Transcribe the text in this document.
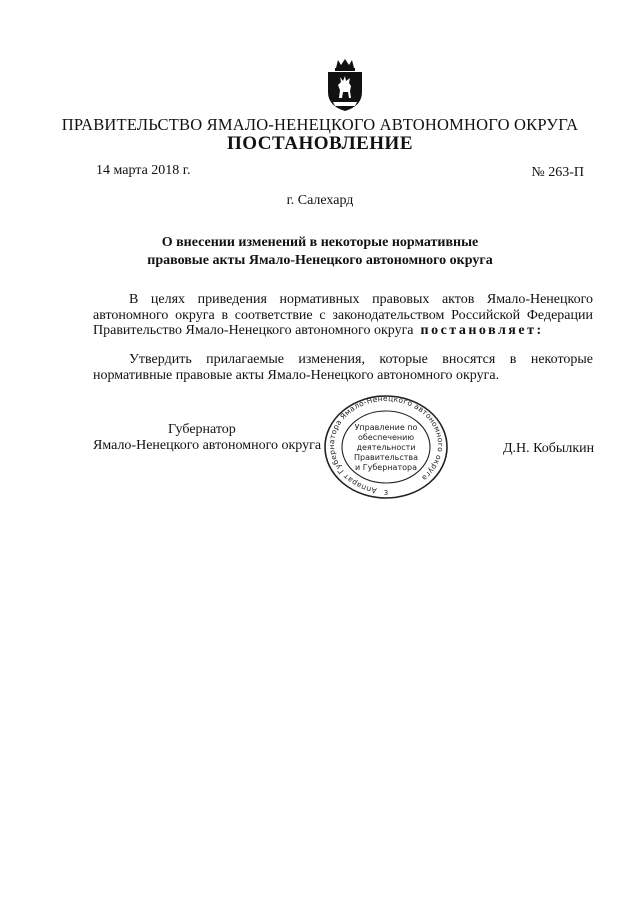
ПРАВИТЕЛЬСТВО ЯМАЛО-НЕНЕЦКОГО АВТОНОМНОГО ОКРУГА
ПОСТАНОВЛЕНИЕ
14 марта 2018 г.	№ 263-П
г. Салехард
О внесении изменений в некоторые нормативные
правовые акты Ямало-Ненецкого автономного округа
В целях приведения нормативных правовых актов Ямало-Ненецкого
автономного округа в соответствие с законодательством Российской Федерации
Правительство Ямало-Ненецкого автономного округа постановляет:
Утвердить прилагаемые изменения, которые вносятся в некоторые
нормативные правовые акты Ямало-Ненецкого автономного округа.
Аппарат Губернатора Ямало-Ненецкого автономного округа
3
Управление по
обеспечению
деятельности
Правительства
и Губернатора
Губернатор
Ямало-Ненецкого автономного округа	Д.Н. Кобылкин
